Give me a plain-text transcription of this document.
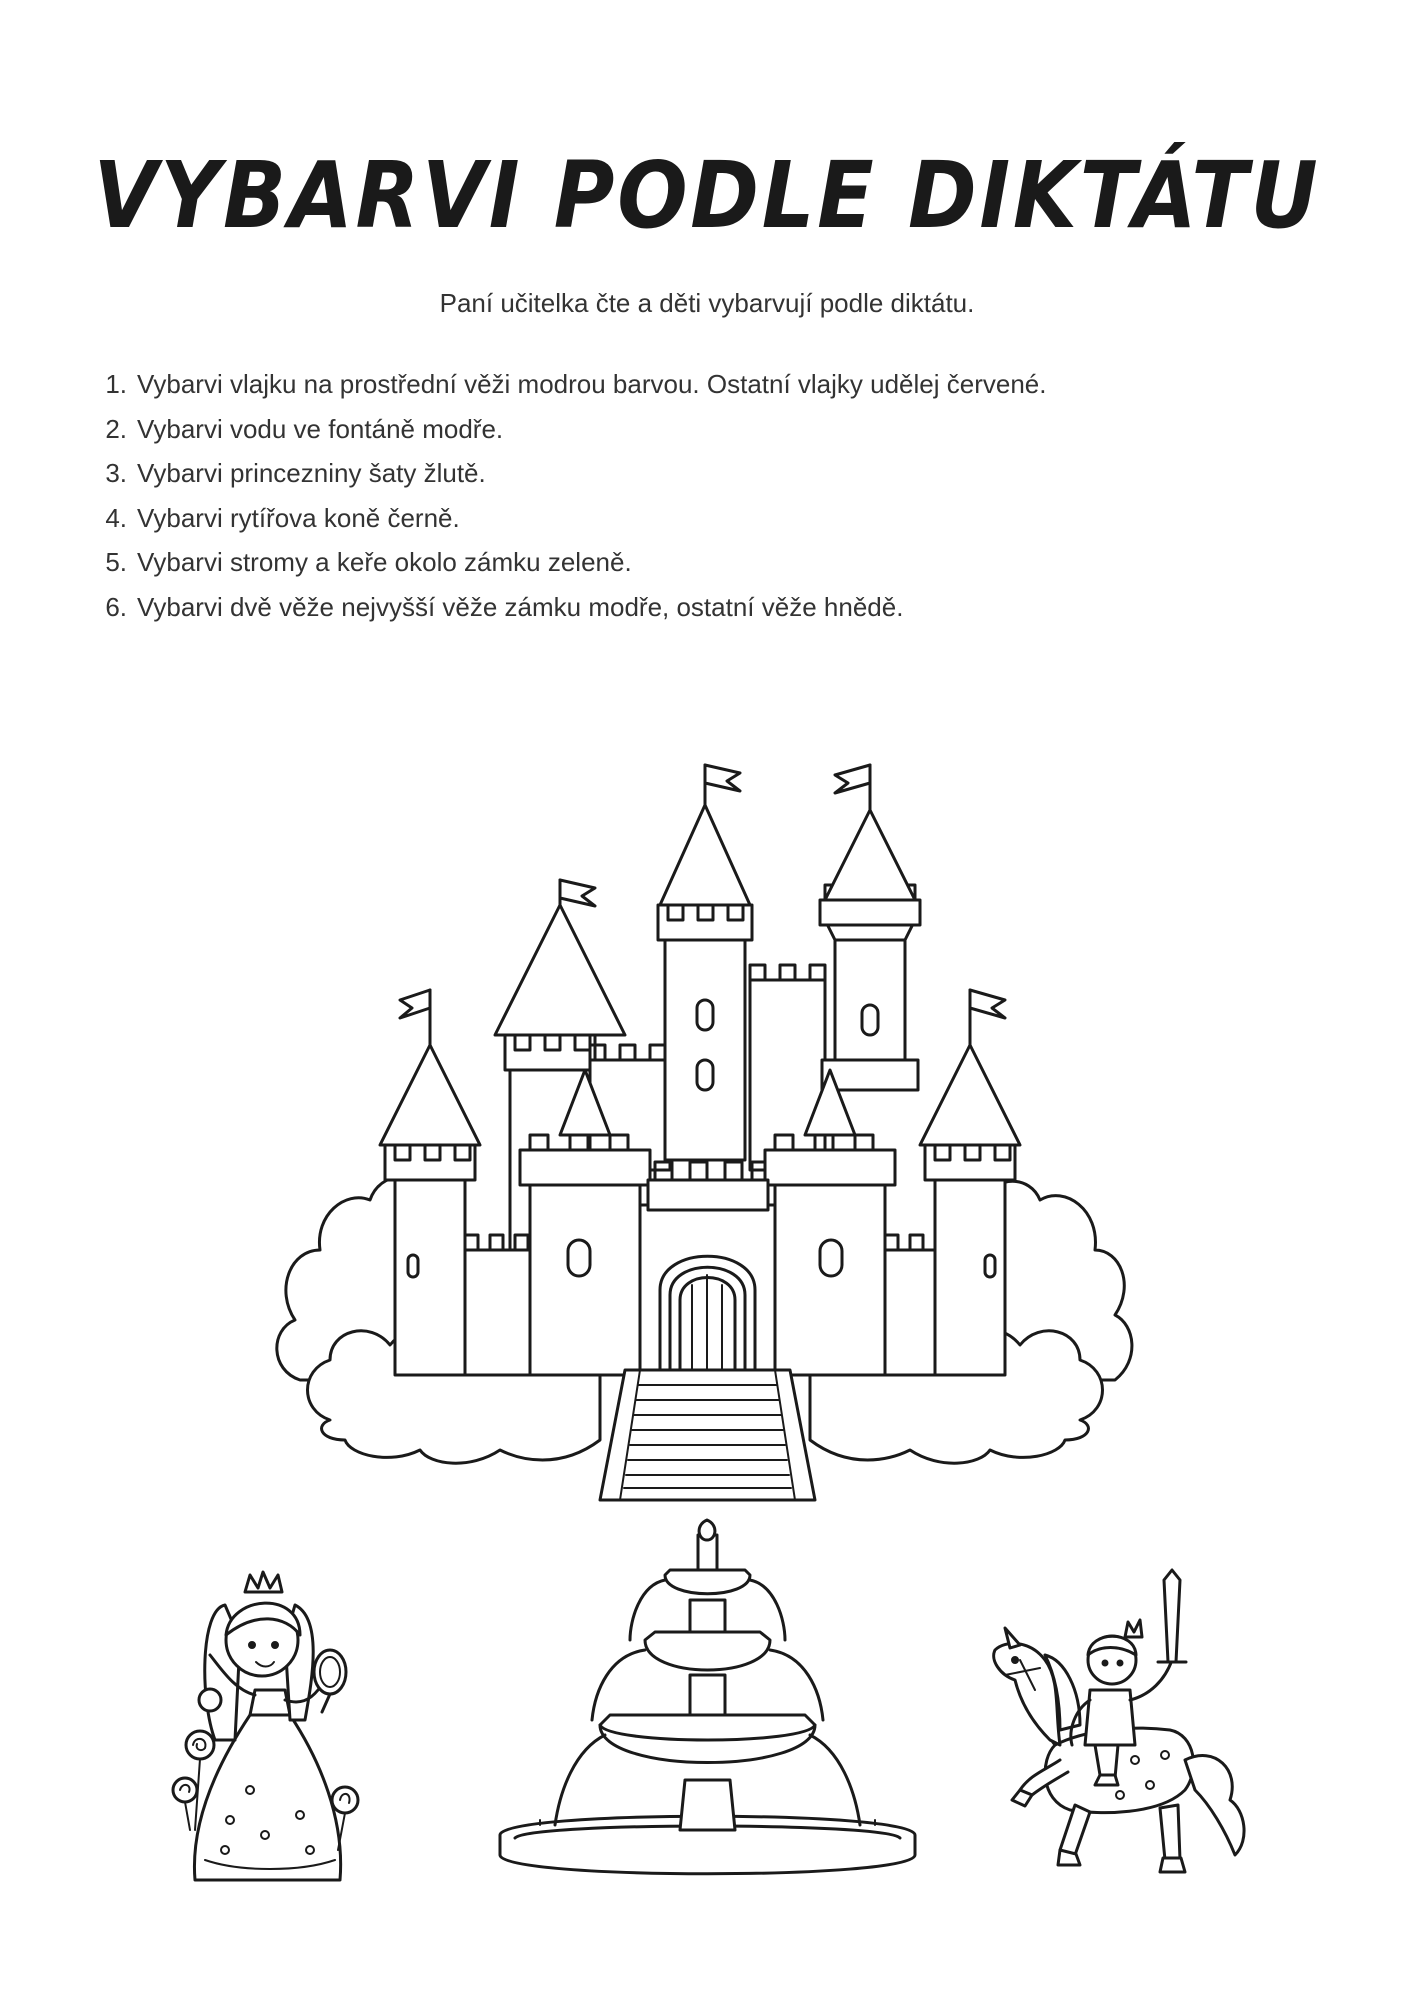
VYBARVI PODLE DIKTÁTU

Paní učitelka čte a děti vybarvují podle diktátu.

1. Vybarvi vlajku na prostřední věži modrou barvou. Ostatní vlajky udělej červené.
2. Vybarvi vodu ve fontáně modře.
3. Vybarvi princezniny šaty žlutě.
4. Vybarvi rytířova koně černě.
5. Vybarvi stromy a keře okolo zámku zeleně.
6. Vybarvi dvě věže nejvyšší věže zámku modře, ostatní věže hnědě.
